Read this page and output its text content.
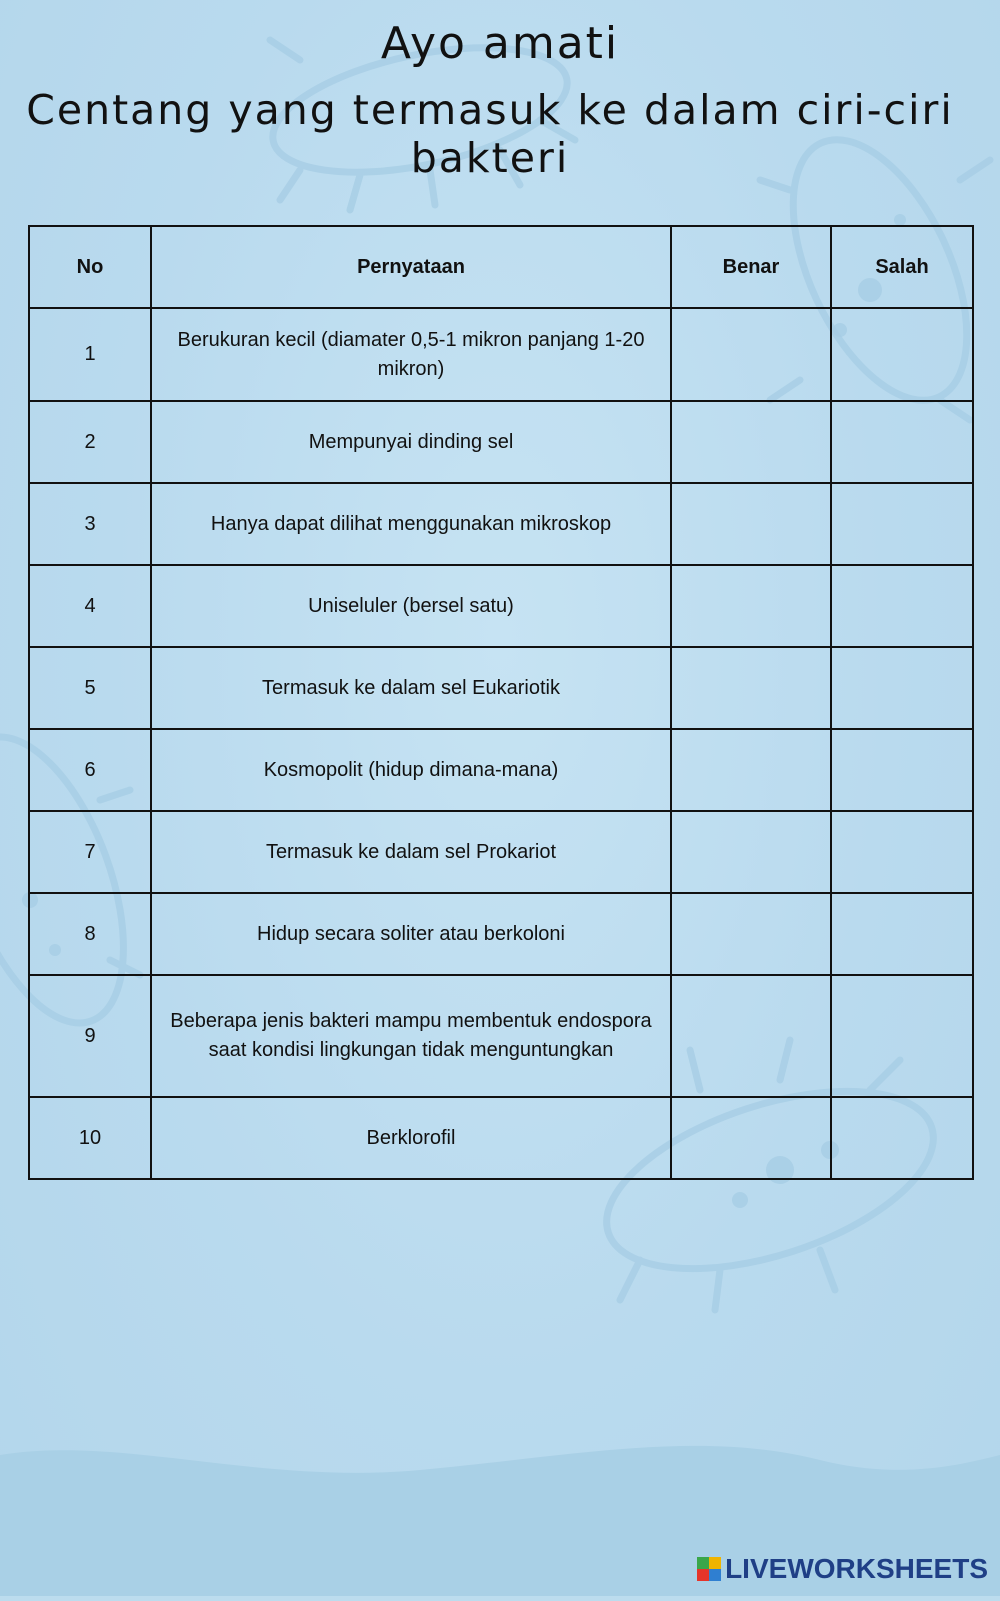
Ayo amati
Centang yang termasuk ke dalam ciri-ciri bakteri
No	Pernyataan	Benar	Salah
1	Berukuran kecil (diamater 0,5-1 mikron panjang 1-20 mikron)		
2	Mempunyai dinding sel		
3	Hanya dapat dilihat menggunakan mikroskop		
4	Uniseluler (bersel satu)		
5	Termasuk ke dalam sel Eukariotik		
6	Kosmopolit (hidup dimana-mana)		
7	Termasuk ke dalam sel Prokariot		
8	Hidup secara soliter atau berkoloni		
9	Beberapa jenis bakteri mampu membentuk endospora saat kondisi lingkungan tidak menguntungkan		
10	Berklorofil		
LIVEWORKSHEETS
